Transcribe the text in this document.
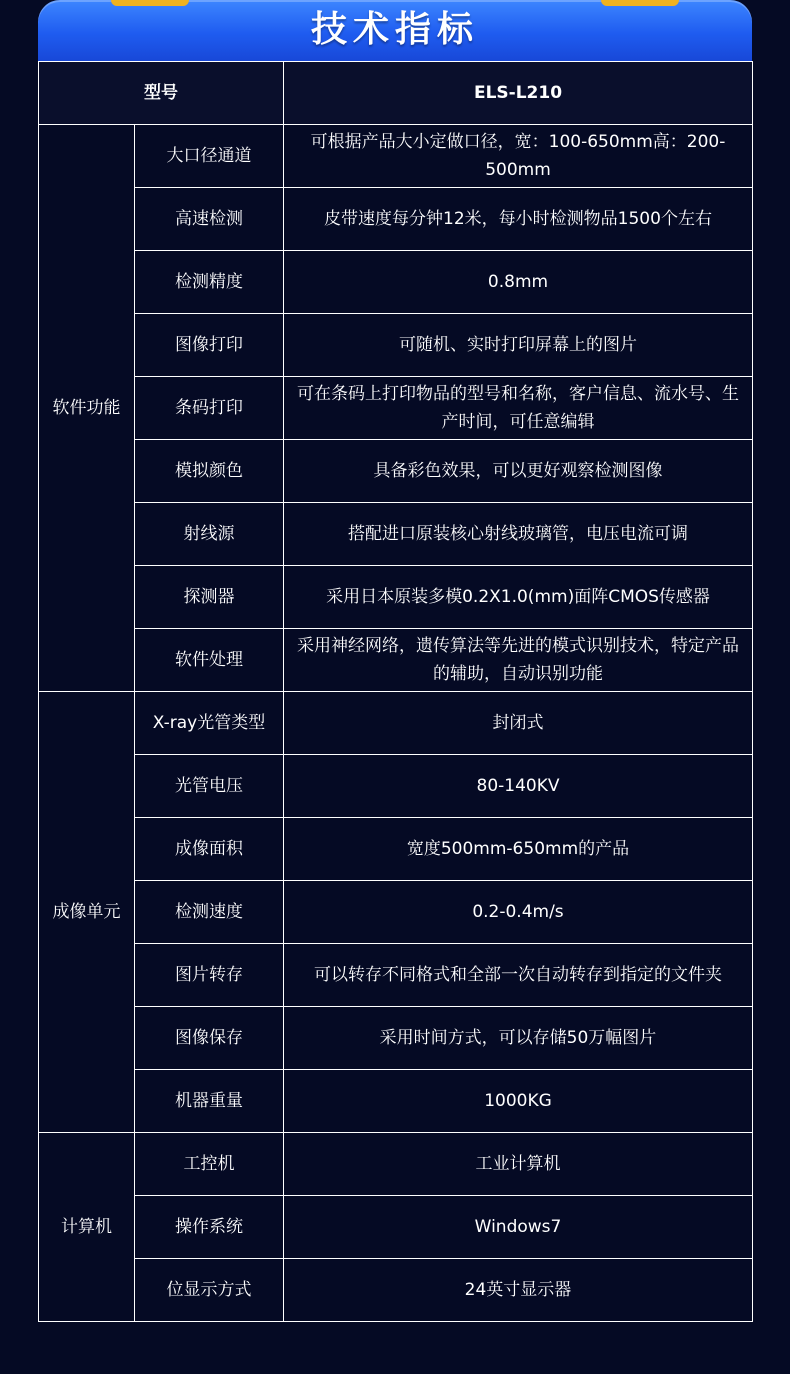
技术指标
型号		ELS-L210
软件功能	大口径通道	可根据产品大小定做口径，宽：100-650mm高：200-500mm
	高速检测	皮带速度每分钟12米，每小时检测物品1500个左右
	检测精度	0.8mm
	图像打印	可随机、实时打印屏幕上的图片
	条码打印	可在条码上打印物品的型号和名称，客户信息、流水号、生产时间，可任意编辑
	模拟颜色	具备彩色效果，可以更好观察检测图像
	射线源	搭配进口原装核心射线玻璃管，电压电流可调
	探测器	采用日本原装多模0.2X1.0(mm)面阵CMOS传感器
	软件处理	采用神经网络，遗传算法等先进的模式识别技术，特定产品的辅助，自动识别功能
成像单元	X-ray光管类型	封闭式
	光管电压	80-140KV
	成像面积	宽度500mm-650mm的产品
	检测速度	0.2-0.4m/s
	图片转存	可以转存不同格式和全部一次自动转存到指定的文件夹
	图像保存	采用时间方式，可以存储50万幅图片
	机器重量	1000KG
计算机	工控机	工业计算机
	操作系统	Windows7
	位显示方式	24英寸显示器
